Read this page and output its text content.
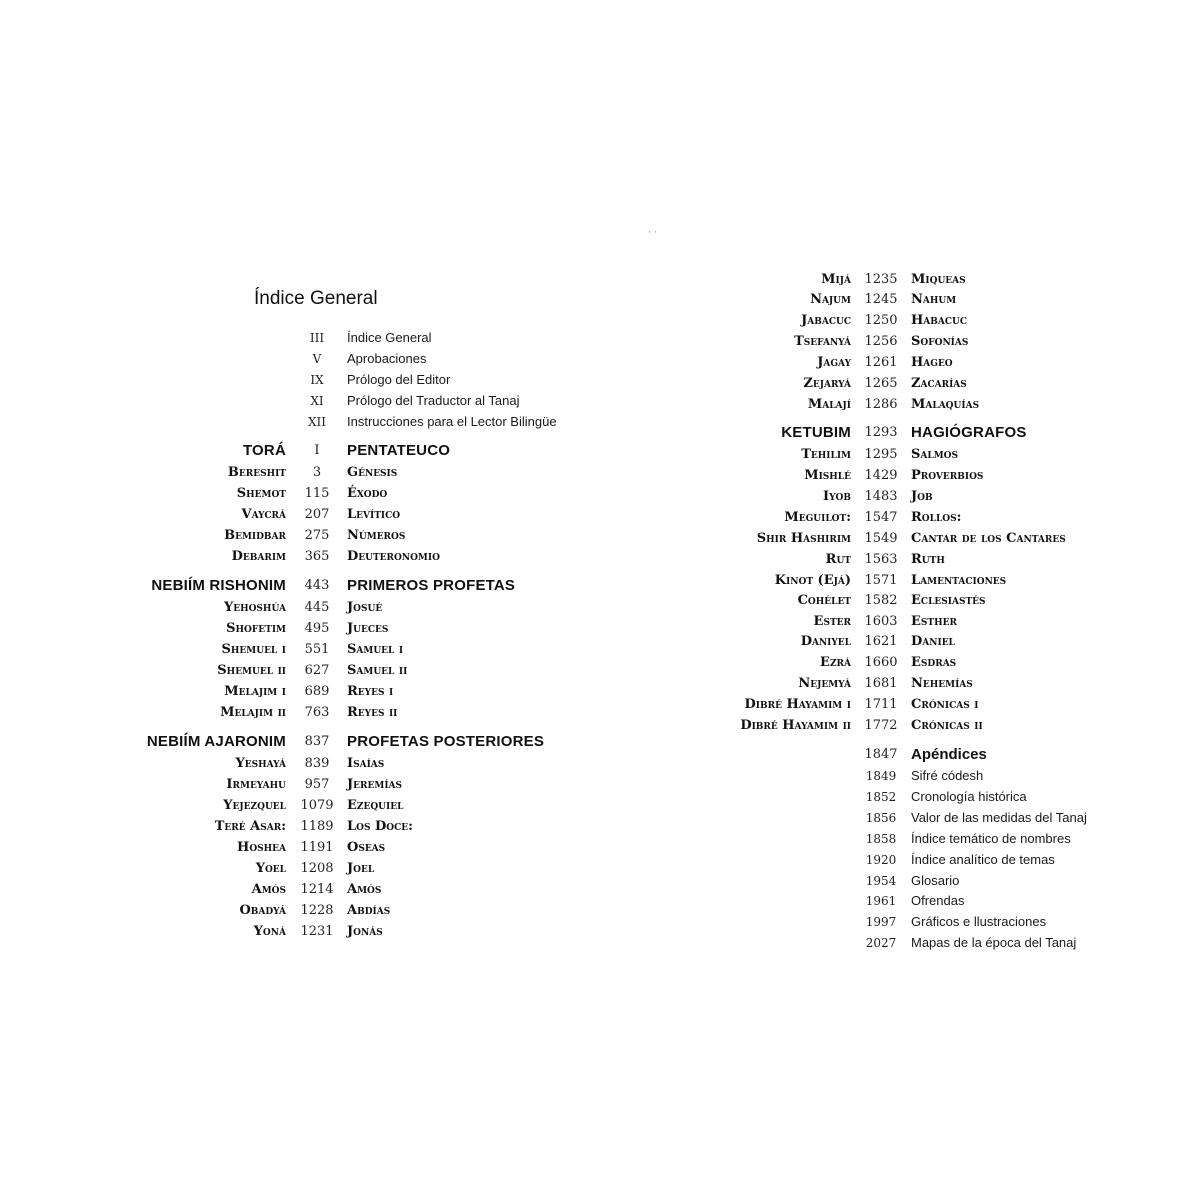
· ·
Índice General
III	Índice General
V	Aprobaciones
IX	Prólogo del Editor
XI	Prólogo del Traductor al Tanaj
XII	Instrucciones para el Lector Bilingüe
TORÁ	I	PENTATEUCO
Bereshit	3	Génesis
Shemot	115	Éxodo
Vaycrá	207	Levítico
Bemidbar	275	Números
Debarim	365	Deuteronomio
NEBIÍM RISHONIM	443	PRIMEROS PROFETAS
Yehoshúa	445	Josué
Shofetim	495	Jueces
Shemuel i	551	Samuel i
Shemuel ii	627	Samuel ii
Melajim i	689	Reyes i
Melajim ii	763	Reyes ii
NEBIÍM AJARONIM	837	PROFETAS POSTERIORES
Yeshayá	839	Isaías
Irmeyahu	957	Jeremías
Yejezquel	1079	Ezequiel
Teré Asar:	1189	Los Doce:
Hoshea	1191	Oseas
Yoel	1208	Joel
Amós	1214	Amós
Obadyá	1228	Abdías
Yoná	1231	Jonás
Mijá	1235	Miqueas
Najum	1245	Nahum
Jabacuc	1250	Habacuc
Tsefanyá	1256	Sofonías
Jagay	1261	Hageo
Zejaryá	1265	Zacarías
Malají	1286	Malaquías
KETUBIM	1293 HAGIÓGRAFOS
Tehilim	1295	Salmos
Mishlé	1429	Proverbios
Iyob	1483	Job
Meguilot:	1547	Rollos:
Shir Hashirim	1549	Cantar de los Cantares
Rut	1563	Ruth
Kinot (Ejá)	1571	Lamentaciones
Cohélet	1582	Eclesiastés
Ester	1603	Esther
Daniyel	1621	Daniel
Ezrá	1660	Esdras
Nejemyá	1681	Nehemías
Dibré Hayamim i	1711	Crónicas i
Dibré Hayamim ii	1772	Crónicas ii
1847 Apéndices
1849	Sifré códesh
1852	Cronología histórica
1856	Valor de las medidas del Tanaj
1858	Índice temático de nombres
1920	Índice analítico de temas
1954	Glosario
1961	Ofrendas
1997	Gráficos e llustraciones
2027	Mapas de la época del Tanaj
